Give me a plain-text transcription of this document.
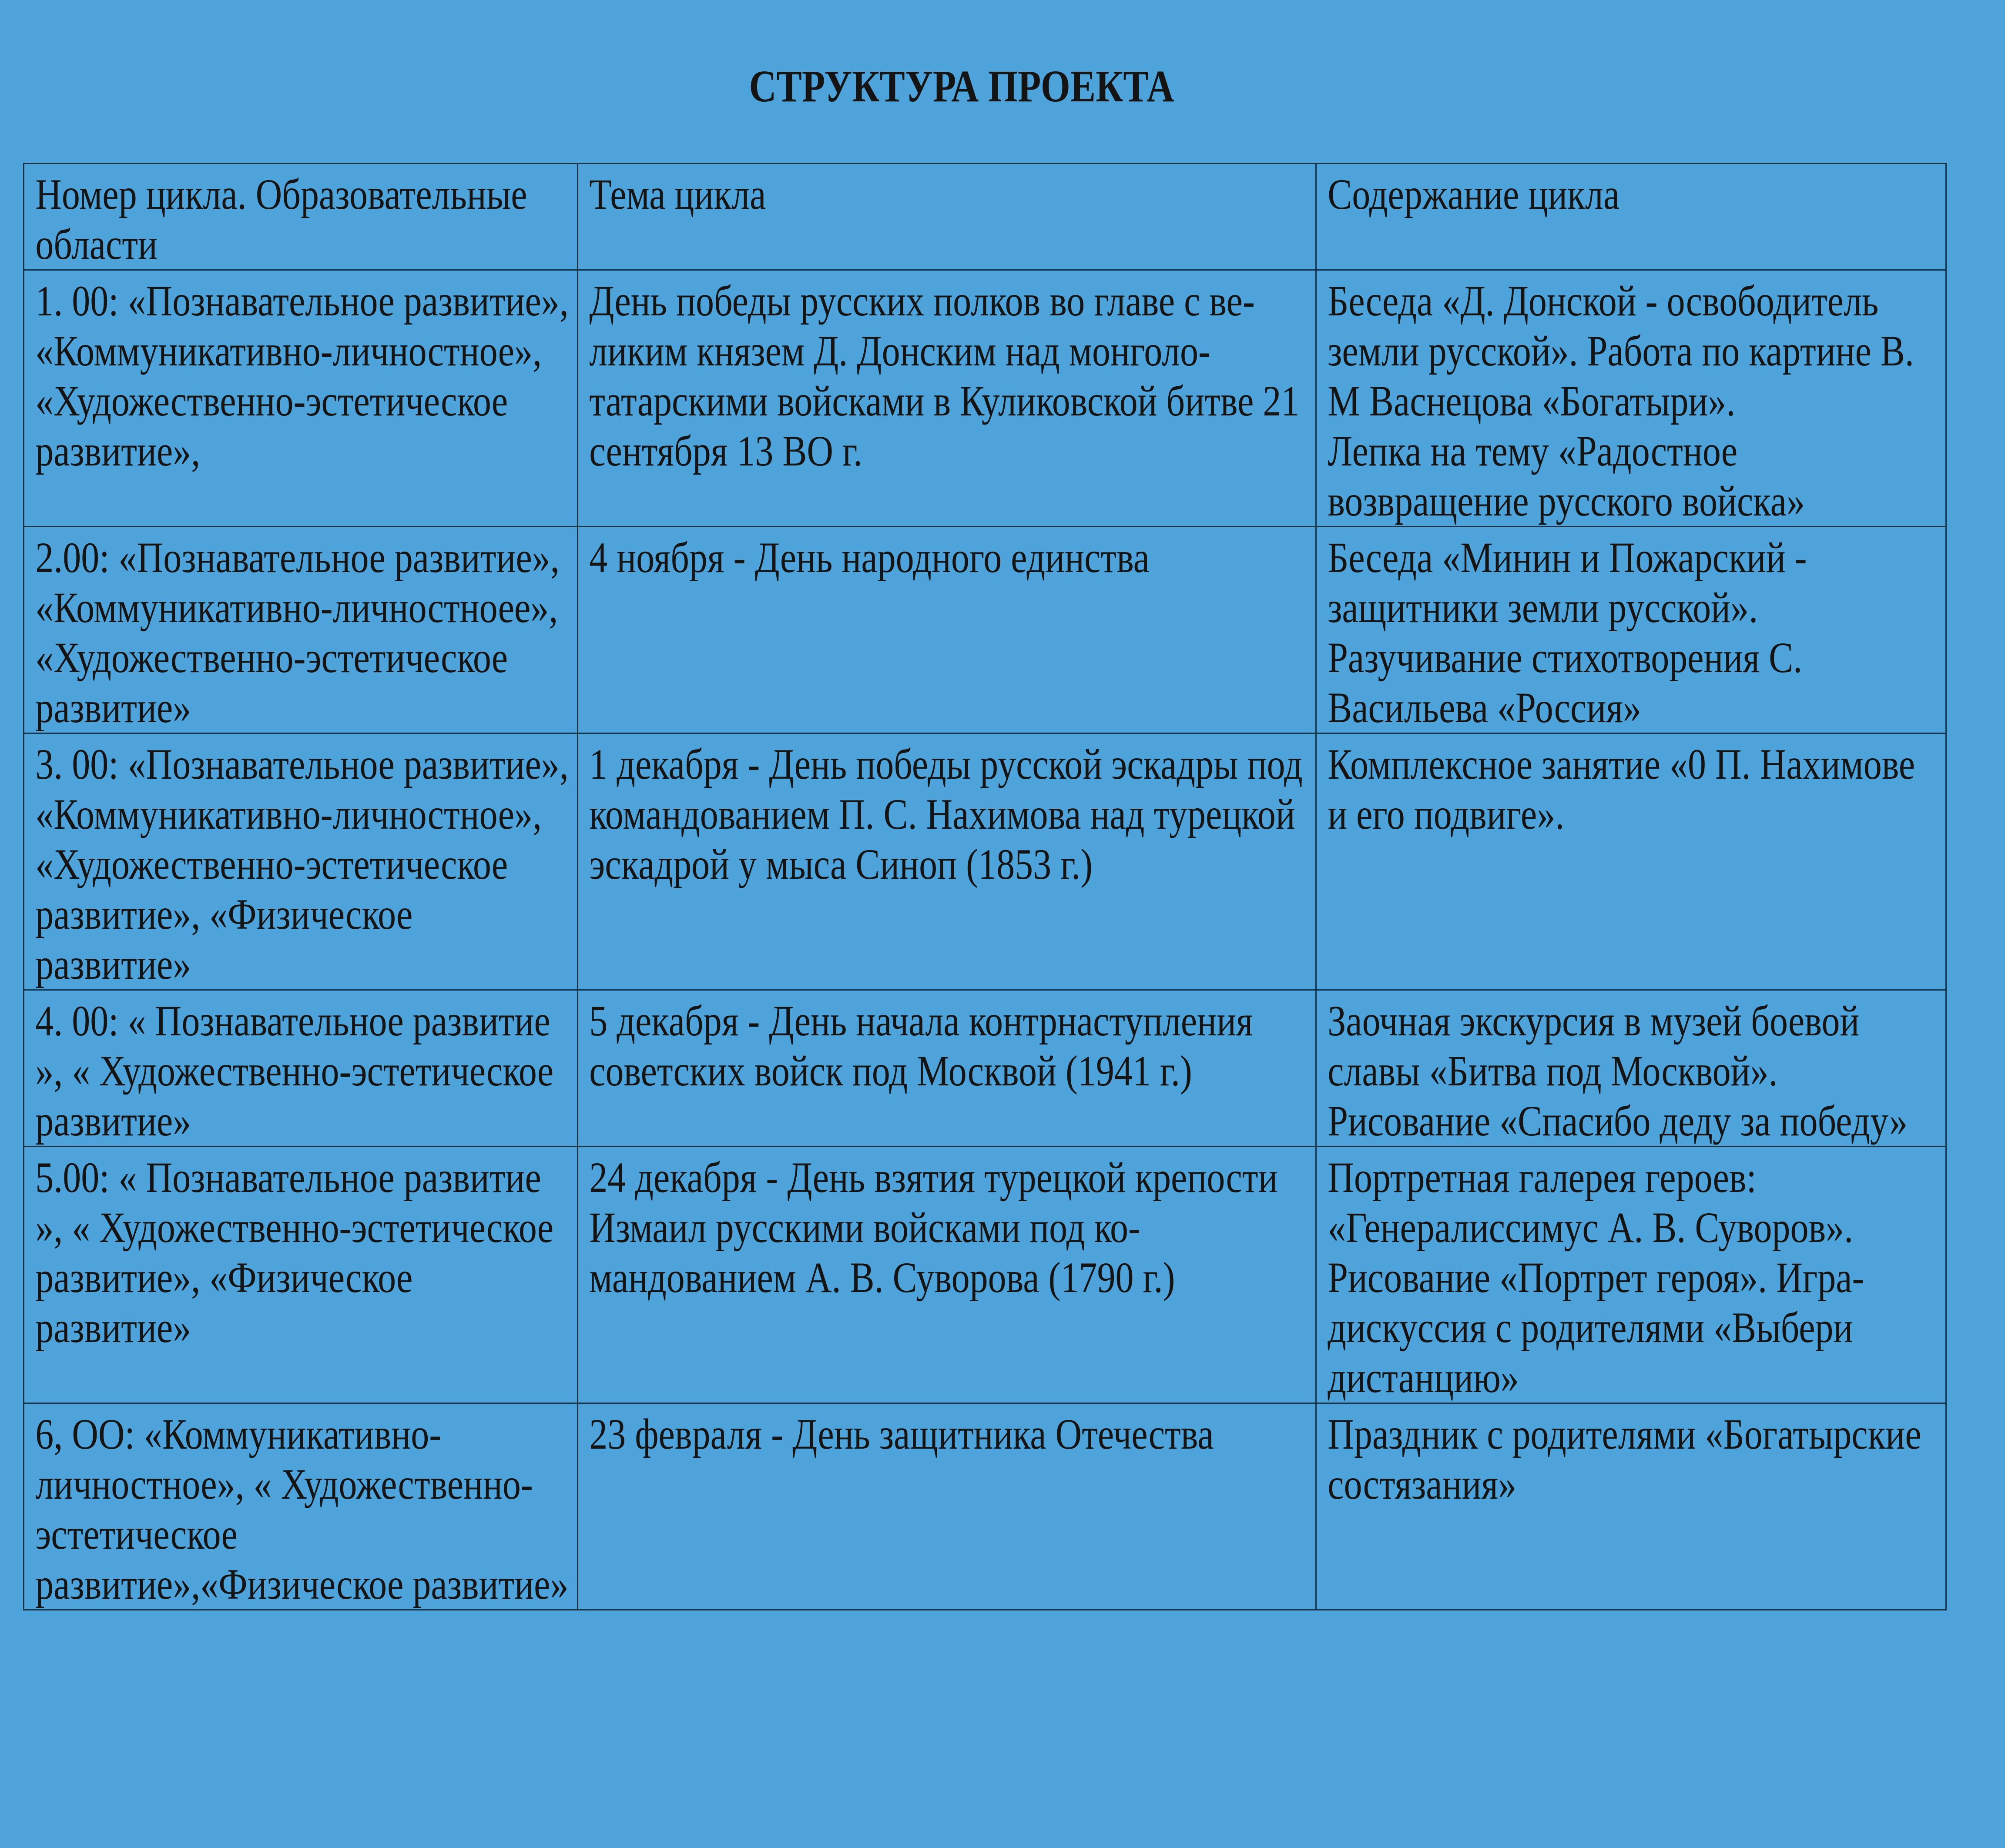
СТРУКТУРА ПРОЕКТА
Номер цикла. Образовательные
области	Тема цикла	Содержание цикла

1. 00: «Познавательное развитие»,
«Коммуникативно-личностное»,
«Художественно-эстетическое
развитие»,	День победы русских полков во главе с ве-
ликим князем Д. Донским над монголо-
татарскими войсками в Куликовской битве 21
сентября 13 ВО г.	Беседа «Д. Донской - освободитель
земли русской». Работа по картине В.
М Васнецова «Богатыри».
Лепка на тему «Радостное
возвращение русского войска»

2.00: «Познавательное развитие»,
«Коммуникативно-личностноее»,
«Художественно-эстетическое
развитие»	4 ноября - День народного единства	Беседа «Минин и Пожарский -
защитники земли русской».
Разучивание стихотворения С.
Васильева «Россия»

3. 00: «Познавательное развитие»,
«Коммуникативно-личностное»,
«Художественно-эстетическое
развитие», «Физическое
развитие»	1 декабря - День победы русской эскадры под
командованием П. С. Нахимова над турецкой
эскадрой у мыса Синоп (1853 г.)	Комплексное занятие «0 П. Нахимове
и его подвиге».

4. 00: « Познавательное развитие
», « Художественно-эстетическое
развитие»	5 декабря - День начала контрнаступления
советских войск под Москвой (1941 г.)	Заочная экскурсия в музей боевой
славы «Битва под Москвой».
Рисование «Спасибо деду за победу»

5.00: « Познавательное развитие
», « Художественно-эстетическое
развитие», «Физическое
развитие»	24 декабря - День взятия турецкой крепости
Измаил русскими войсками под ко-
мандованием А. В. Суворова (1790 г.)	Портретная галерея героев:
«Генералиссимус А. В. Суворов».
Рисование «Портрет героя». Игра-
дискуссия с родителями «Выбери
дистанцию»

6, ОО: «Коммуникативно-
личностное», « Художественно-
эстетическое
развитие»,«Физическое развитие»	23 февраля - День защитника Отечества	Праздник с родителями «Богатырские
состязания»
